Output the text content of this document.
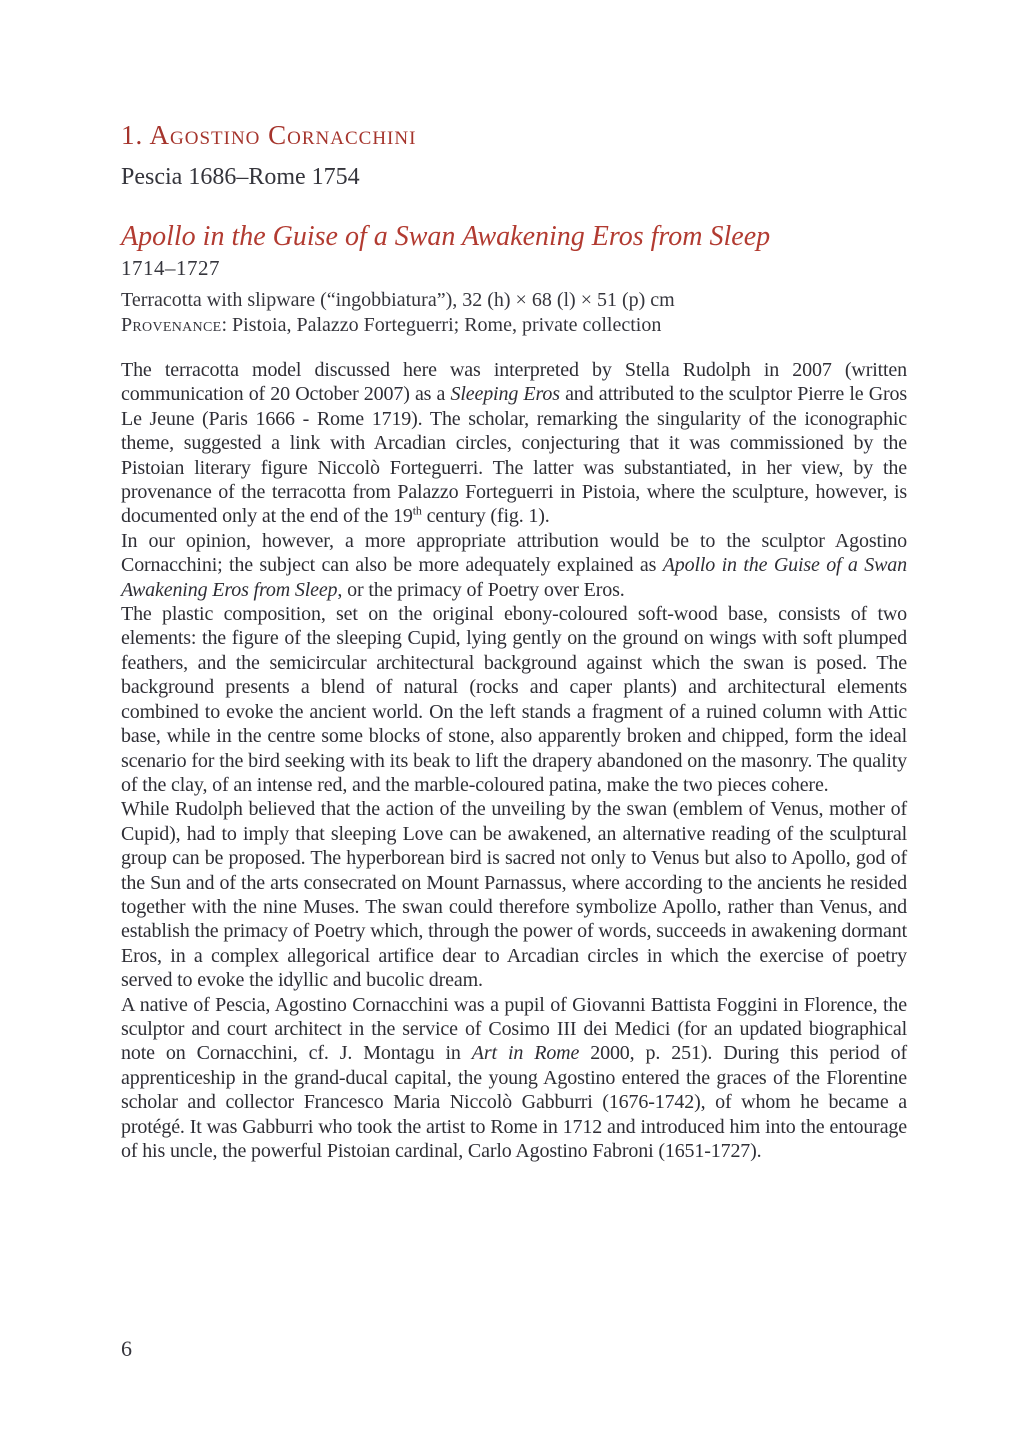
1. Agostino Cornacchini
Pescia 1686–Rome 1754
Apollo in the Guise of a Swan Awakening Eros from Sleep
1714–1727
Terracotta with slipware (“ingobbiatura”), 32 (h) × 68 (l) × 51 (p) cm
Provenance: Pistoia, Palazzo Forteguerri; Rome, private collection

The terracotta model discussed here was interpreted by Stella Rudolph in 2007 (written communication of 20 October 2007) as a Sleeping Eros and attributed to the sculptor Pierre le Gros Le Jeune (Paris 1666 - Rome 1719). The scholar, remarking the singularity of the iconographic theme, suggested a link with Arcadian circles, conjecturing that it was commissioned by the Pistoian literary figure Niccolò Forteguerri. The latter was substantiated, in her view, by the provenance of the terracotta from Palazzo Forteguerri in Pistoia, where the sculpture, however, is documented only at the end of the 19th century (fig. 1).

In our opinion, however, a more appropriate attribution would be to the sculptor Agostino Cornacchini; the subject can also be more adequately explained as Apollo in the Guise of a Swan Awakening Eros from Sleep, or the primacy of Poetry over Eros.

The plastic composition, set on the original ebony-coloured soft-wood base, consists of two elements: the figure of the sleeping Cupid, lying gently on the ground on wings with soft plumped feathers, and the semicircular architectural background against which the swan is posed. The background presents a blend of natural (rocks and caper plants) and architectural elements combined to evoke the ancient world. On the left stands a fragment of a ruined column with Attic base, while in the centre some blocks of stone, also apparently broken and chipped, form the ideal scenario for the bird seeking with its beak to lift the drapery abandoned on the masonry. The quality of the clay, of an intense red, and the marble-coloured patina, make the two pieces cohere.

While Rudolph believed that the action of the unveiling by the swan (emblem of Venus, mother of Cupid), had to imply that sleeping Love can be awakened, an alternative reading of the sculptural group can be proposed. The hyperborean bird is sacred not only to Venus but also to Apollo, god of the Sun and of the arts consecrated on Mount Parnassus, where according to the ancients he resided together with the nine Muses. The swan could therefore symbolize Apollo, rather than Venus, and establish the primacy of Poetry which, through the power of words, succeeds in awakening dormant Eros, in a complex allegorical artifice dear to Arcadian circles in which the exercise of poetry served to evoke the idyllic and bucolic dream.

A native of Pescia, Agostino Cornacchini was a pupil of Giovanni Battista Foggini in Florence, the sculptor and court architect in the service of Cosimo III dei Medici (for an updated biographical note on Cornacchini, cf. J. Montagu in Art in Rome 2000, p. 251). During this period of apprenticeship in the grand-ducal capital, the young Agostino entered the graces of the Florentine scholar and collector Francesco Maria Niccolò Gabburri (1676-1742), of whom he became a protégé. It was Gabburri who took the artist to Rome in 1712 and introduced him into the entourage of his uncle, the powerful Pistoian cardinal, Carlo Agostino Fabroni (1651-1727).

6
